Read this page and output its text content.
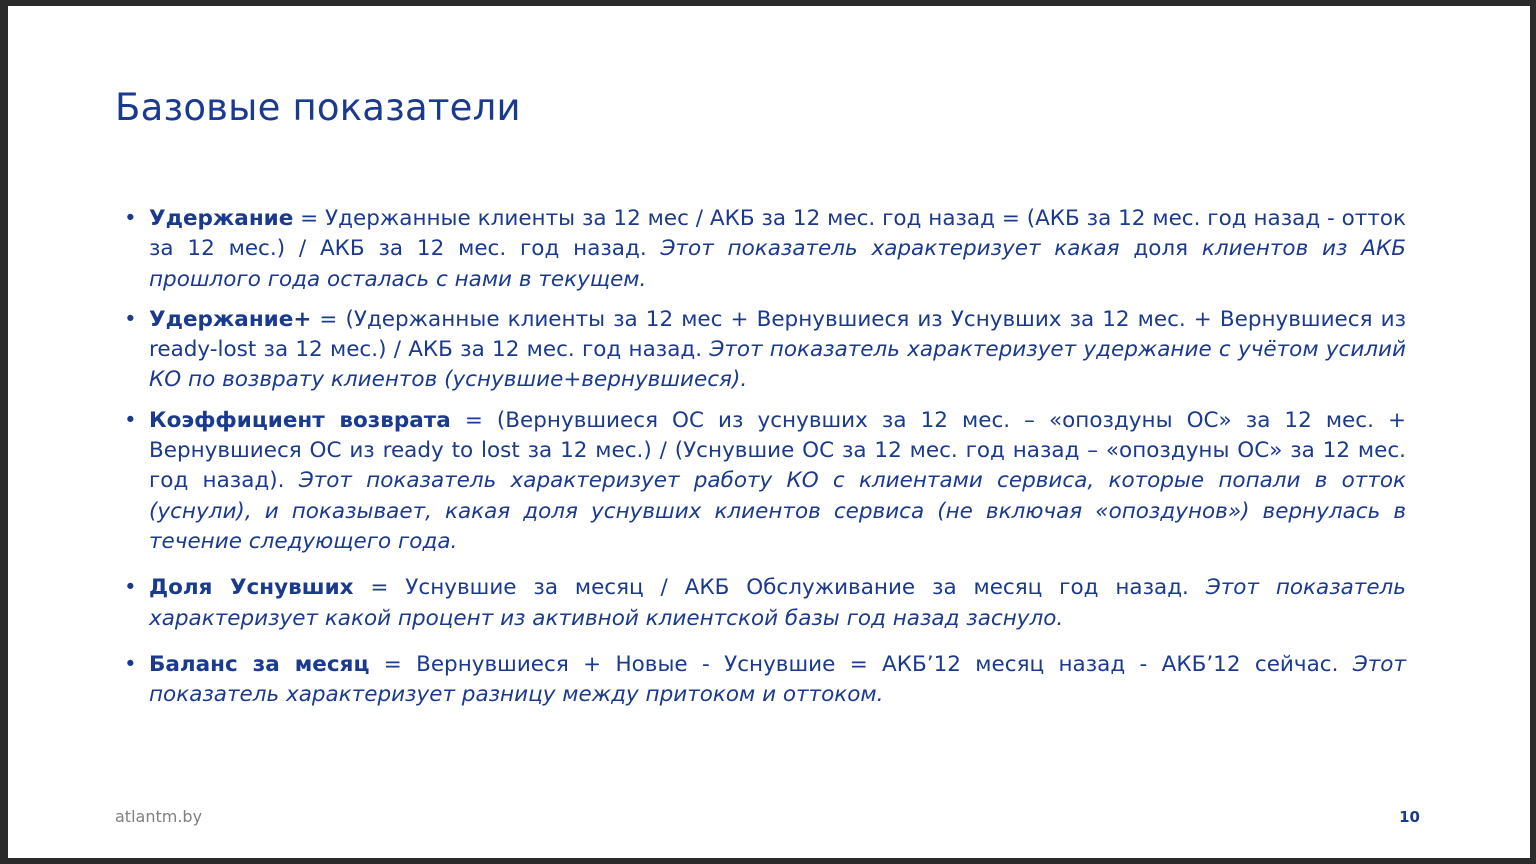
Базовые показатели
• Удержание = Удержанные клиенты за 12 мес / АКБ за 12 мес. год назад = (АКБ за 12 мес. год назад - отток за 12 мес.) / АКБ за 12 мес. год назад. Этот показатель характеризует какая доля клиентов из АКБ прошлого года осталась с нами в текущем.
• Удержание+ = (Удержанные клиенты за 12 мес + Вернувшиеся из Уснувших за 12 мес. + Вернувшиеся из ready-lost за 12 мес.) / АКБ за 12 мес. год назад. Этот показатель характеризует удержание с учётом усилий КО по возврату клиентов (уснувшие+вернувшиеся).
• Коэффициент возврата = (Вернувшиеся ОС из уснувших за 12 мес. – «опоздуны ОС» за 12 мес. + Вернувшиеся ОС из ready to lost за 12 мес.) / (Уснувшие ОС за 12 мес. год назад – «опоздуны ОС» за 12 мес. год назад). Этот показатель характеризует работу КО с клиентами сервиса, которые попали в отток (уснули), и показывает, какая доля уснувших клиентов сервиса (не включая «опоздунов») вернулась в течение следующего года.
• Доля Уснувших = Уснувшие за месяц / АКБ Обслуживание за месяц год назад. Этот показатель характеризует какой процент из активной клиентской базы год назад заснуло.
• Баланс за месяц = Вернувшиеся + Новые - Уснувшие = АКБ’12 месяц назад - АКБ’12 сейчас. Этот показатель характеризует разницу между притоком и оттоком.
atlantm.by	10
